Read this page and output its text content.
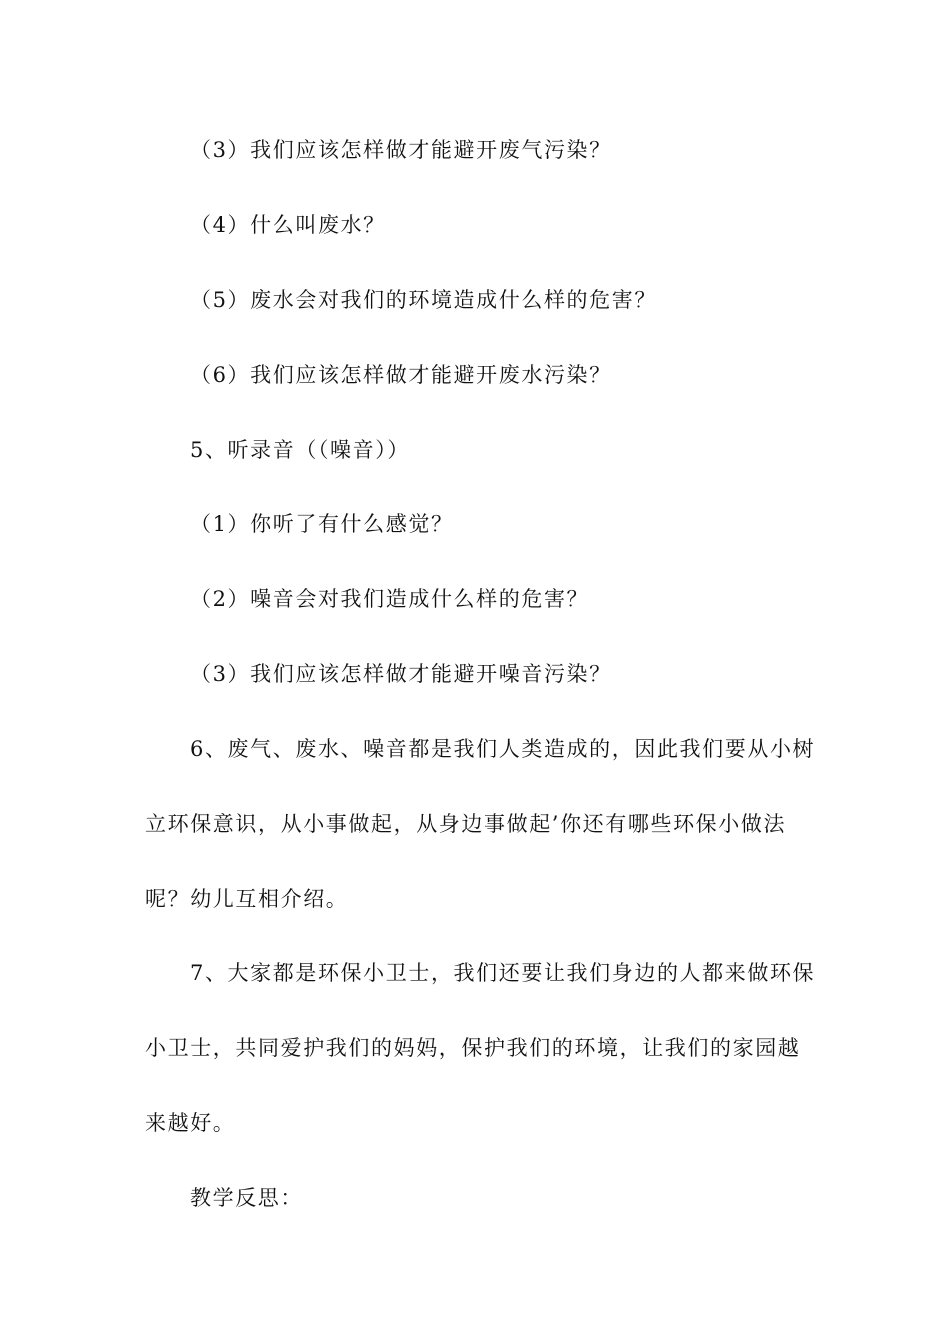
（3）我们应该怎样做才能避开废气污染？
（4）什么叫废水？
（5）废水会对我们的环境造成什么样的危害？
（6）我们应该怎样做才能避开废水污染？
5、听录音（（噪音））
（1）你听了有什么感觉？
（2）噪音会对我们造成什么样的危害？
（3）我们应该怎样做才能避开噪音污染？
6、废气、废水、噪音都是我们人类造成的，因此我们要从小树
立环保意识，从小事做起，从身边事做起’你还有哪些环保小做法
呢？幼儿互相介绍。
7、大家都是环保小卫士，我们还要让我们身边的人都来做环保
小卫士，共同爱护我们的妈妈，保护我们的环境，让我们的家园越
来越好。
教学反思：
